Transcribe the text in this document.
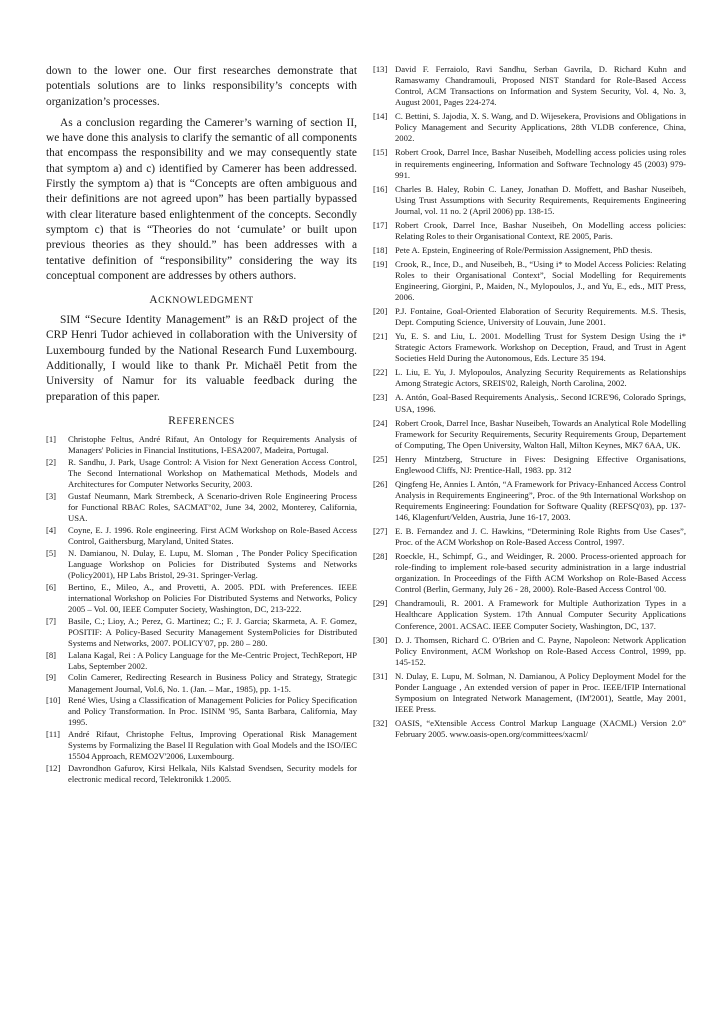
down to the lower one. Our first researches demonstrate that potentials solutions are to links responsibility’s concepts with organization’s processes.

As a conclusion regarding the Camerer’s warning of section II, we have done this analysis to clarify the semantic of all components that encompass the responsibility and we may consequently state that symptom a) and c) identified by Camerer has been addressed. Firstly the symptom a) that is “Concepts are often ambiguous and their definitions are not agreed upon” has been partially bypassed with clear literature based enlightenment of the concepts. Secondly symptom c) that is “Theories do not ‘cumulate’ or built upon previous theories as they should.” has been addresses with a tentative definition of “responsibility” considering the way its conceptual component are addresses by others authors.

ACKNOWLEDGMENT

SIM “Secure Identity Management” is an R&D project of the CRP Henri Tudor achieved in collaboration with the University of Luxembourg funded by the National Research Fund Luxembourg. Additionally, I would like to thank Pr. Michaël Petit from the University of Namur for its valuable feedback during the preparation of this paper.

REFERENCES
[1]	Christophe Feltus, André Rifaut, An Ontology for Requirements Analysis of Managers' Policies in Financial Institutions, I-ESA2007, Madeira, Portugal.
[2]	R. Sandhu, J. Park, Usage Control: A Vision for Next Generation Access Control, The Second International Workshop on Mathematical Methods, Models and Architectures for Computer Networks Security, 2003.
[3]	Gustaf Neumann, Mark Strembeck, A Scenario-driven Role Engineering Process for Functional RBAC Roles, SACMAT’02, June 34, 2002, Monterey, California, USA.
[4]	Coyne, E. J. 1996. Role engineering. First ACM Workshop on Role-Based Access Control, Gaithersburg, Maryland, United States.
[5]	N. Damianou, N. Dulay, E. Lupu, M. Sloman , The Ponder Policy Specification Language Workshop on Policies for Distributed Systems and Networks (Policy2001), HP Labs Bristol, 29-31. Springer-Verlag.
[6]	Bertino, E., Mileo, A., and Provetti, A. 2005. PDL with Preferences. IEEE international Workshop on Policies For Distributed Systems and Networks, Policy 2005 – Vol. 00, IEEE Computer Society, Washington, DC, 213-222.
[7]	Basile, C.; Lioy, A.; Perez, G. Martinez; C.; F. J. Garcia; Skarmeta, A. F. Gomez, POSITIF: A Policy-Based Security Management SystemPolicies for Distributed Systems and Networks, 2007. POLICY'07, pp. 280 – 280.
[8]	Lalana Kagal, Rei : A Policy Language for the Me-Centric Project, TechReport, HP Labs, September 2002.
[9]	Colin Camerer, Redirecting Research in Business Policy and Strategy, Strategic Management Journal, Vol.6, No. 1. (Jan. – Mar., 1985), pp. 1-15.
[10] René Wies, Using a Classification of Management Policies for Policy Specification and Policy Transformation. In Proc. ISINM '95, Santa Barbara, California, May 1995.
[11] André Rifaut, Christophe Feltus, Improving Operational Risk Management Systems by Formalizing the Basel II Regulation with Goal Models and the ISO/IEC 15504 Approach, REMO2V'2006, Luxembourg.
[12] Davrondhon Gafurov, Kirsi Helkala, Nils Kalstad Svendsen, Security models for electronic medical record, Telektronikk 1.2005.
[13] David F. Ferraiolo, Ravi Sandhu, Serban Gavrila, D. Richard Kuhn and Ramaswamy Chandramouli, Proposed NIST Standard for Role-Based Access Control, ACM Transactions on Information and System Security, Vol. 4, No. 3, August 2001, Pages 224-274.
[14] C. Bettini, S. Jajodia, X. S. Wang, and D. Wijesekera, Provisions and Obligations in Policy Management and Security Applications, 28th VLDB conference, China, 2002.
[15] Robert Crook, Darrel Ince, Bashar Nuseibeh, Modelling access policies using roles in requirements engineering, Information and Software Technology 45 (2003) 979-991.
[16] Charles B. Haley, Robin C. Laney, Jonathan D. Moffett, and Bashar Nuseibeh, Using Trust Assumptions with Security Requirements, Requirements Engineering Journal, vol. 11 no. 2 (April 2006) pp. 138-15.
[17] Robert Crook, Darrel Ince, Bashar Nuseibeh, On Modelling access policies: Relating Roles to their Organisational Context, RE 2005, Paris.
[18] Pete A. Epstein, Engineering of Role/Permission Assignement, PhD thesis.
[19] Crook, R., Ince, D., and Nuseibeh, B., “Using i* to Model Access Policies: Relating Roles to their Organisational Context”, Social Modelling for Requirements Engineering, Giorgini, P., Maiden, N., Mylopoulos, J., and Yu, E., eds., MIT Press, 2006.
[20] P.J. Fontaine, Goal-Oriented Elaboration of Security Requirements. M.S. Thesis, Dept. Computing Science, University of Louvain, June 2001.
[21] Yu, E. S. and Liu, L. 2001. Modelling Trust for System Design Using the i* Strategic Actors Framework. Workshop on Deception, Fraud, and Trust in Agent Societies Held During the Autonomous, Eds. Lecture 35 194.
[22] L. Liu, E. Yu, J. Mylopoulos, Analyzing Security Requirements as Relationships Among Strategic Actors, SREIS'02, Raleigh, North Carolina, 2002.
[23] A. Antón, Goal-Based Requirements Analysis,. Second ICRE'96, Colorado Springs, USA, 1996.
[24] Robert Crook, Darrel Ince, Bashar Nuseibeh, Towards an Analytical Role Modelling Framework for Security Requirements, Security Requirements Group, Departement of Computing, The Open University, Walton Hall, Milton Keynes, MK7 6AA, UK.
[25] Henry Mintzberg, Structure in Fives: Designing Effective Organisations, Englewood Cliffs, NJ: Prentice-Hall, 1983. pp. 312
[26] Qingfeng He, Annies I. Antón, “A Framework for Privacy-Enhanced Access Control Analysis in Requirements Engineering”, Proc. of the 9th International Workshop on Requirements Engineering: Foundation for Software Quality (REFSQ'03), pp. 137-146, Klagenfurt/Velden, Austria, June 16-17, 2003.
[27] E. B. Fernandez and J. C. Hawkins, “Determining Role Rights from Use Cases”, Proc. of the ACM Workshop on Role-Based Access Control, 1997.
[28] Roeckle, H., Schimpf, G., and Weidinger, R. 2000. Process-oriented approach for role-finding to implement role-based security administration in a large industrial organization. In Proceedings of the Fifth ACM Workshop on Role-Based Access Control (Berlin, Germany, July 26 - 28, 2000). Role-Based Access Control '00.
[29] Chandramouli, R. 2001. A Framework for Multiple Authorization Types in a Healthcare Application System. 17th Annual Computer Security Applications Conference, 2001. ACSAC. IEEE Computer Society, Washington, DC, 137.
[30] D. J. Thomsen, Richard C. O'Brien and C. Payne, Napoleon: Network Application Policy Environment, ACM Workshop on Role-Based Access Control, 1999, pp. 145-152.
[31] N. Dulay, E. Lupu, M. Solman, N. Damianou, A Policy Deployment Model for the Ponder Language , An extended version of paper in Proc. IEEE/IFIP International Symposium on Integrated Network Management, (IM'2001), Seattle, May 2001, IEEE Press.
[32] OASIS, “eXtensible Access Control Markup Language (XACML) Version 2.0” February 2005. www.oasis-open.org/committees/xacml/
